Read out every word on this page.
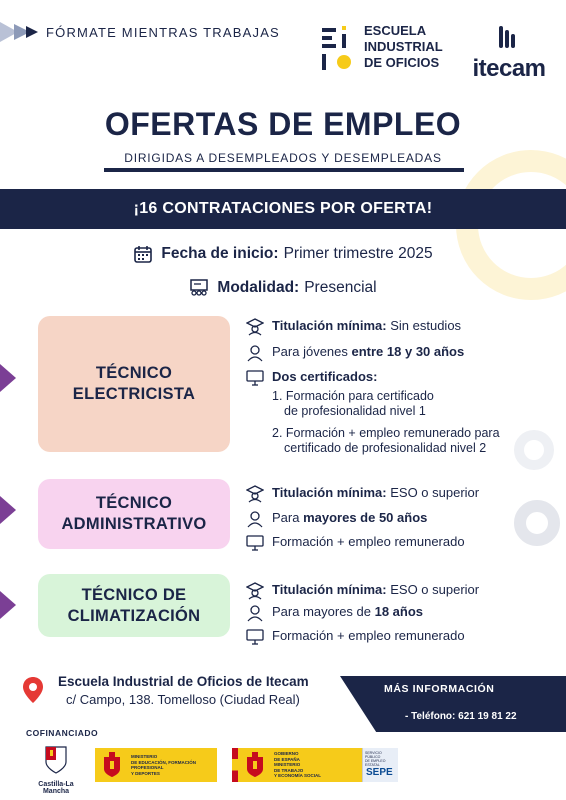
FÓRMATE MIENTRAS TRABAJAS	ESCUELA
INDUSTRIAL
DE OFICIOS itecam
OFERTAS DE EMPLEO
DIRIGIDAS A DESEMPLEADOS Y DESEMPLEADAS
¡16 CONTRATACIONES POR OFERTA!
Fecha de inicio: Primer trimestre 2025
Modalidad: Presencial
TÉCNICO
ELECTRICISTA
Titulación mínima: Sin estudios
Para jóvenes entre 18 y 30 años
Dos certificados:
1. Formación para certificado
de profesionalidad nivel 1
2. Formación + empleo remunerado para
certificado de profesionalidad nivel 2
TÉCNICO
ADMINISTRATIVO
Titulación mínima: ESO o superior
Para mayores de 50 años
Formación + empleo remunerado
TÉCNICO DE
CLIMATIZACIÓN
Titulación mínima: ESO o superior
Para mayores de 18 años
Formación + empleo remunerado
Escuela Industrial de Oficios de Itecam
c/ Campo, 138. Tomelloso (Ciudad Real)
MÁS INFORMACIÓN
- Teléfono: 621 19 81 22
COFINANCIADO
Castilla-La Mancha
MINISTERIO
DE EDUCACIÓN, FORMACIÓN PROFESIONAL
Y DEPORTES
GOBIERNO
DE ESPAÑA
MINISTERIO
DE TRABAJO
Y ECONOMÍA SOCIAL
SERVICIO PÚBLICO
DE EMPLEO ESTATAL
SEPE
